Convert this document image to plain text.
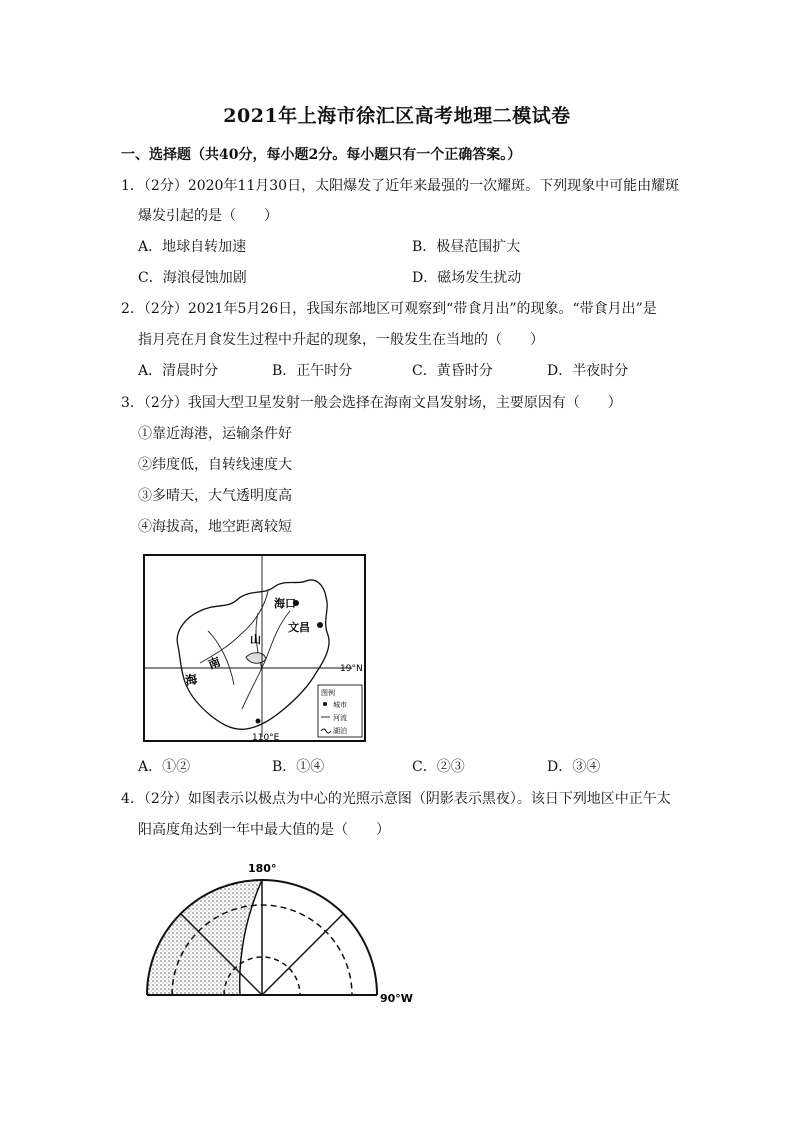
2021年上海市徐汇区高考地理二模试卷
一、选择题（共40分，每小题2分。每小题只有一个正确答案。）
1．（2分）2020年11月30日，太阳爆发了近年来最强的一次耀斑。下列现象中可能由耀斑
爆发引起的是（　　）
A．地球自转加速	B．极昼范围扩大
C．海浪侵蚀加剧	D．磁场发生扰动
2．（2分）2021年5月26日，我国东部地区可观察到“带食月出”的现象。“带食月出”是
指月亮在月食发生过程中升起的现象，一般发生在当地的（　　）
A．清晨时分	B．正午时分	C．黄昏时分	D．半夜时分
3．（2分）我国大型卫星发射一般会选择在海南文昌发射场，主要原因有（　　）
①靠近海港，运输条件好
②纬度低，自转线速度大
③多晴天，大气透明度高
④海拔高，地空距离较短
海口
文昌
海
南
山
19°N
110°E
图例
城市
河流
湖泊
A．①②	B．①④	C．②③	D．③④
4．（2分）如图表示以极点为中心的光照示意图（阴影表示黑夜）。该日下列地区中正午太
阳高度角达到一年中最大值的是（　　）
180°
90°W
